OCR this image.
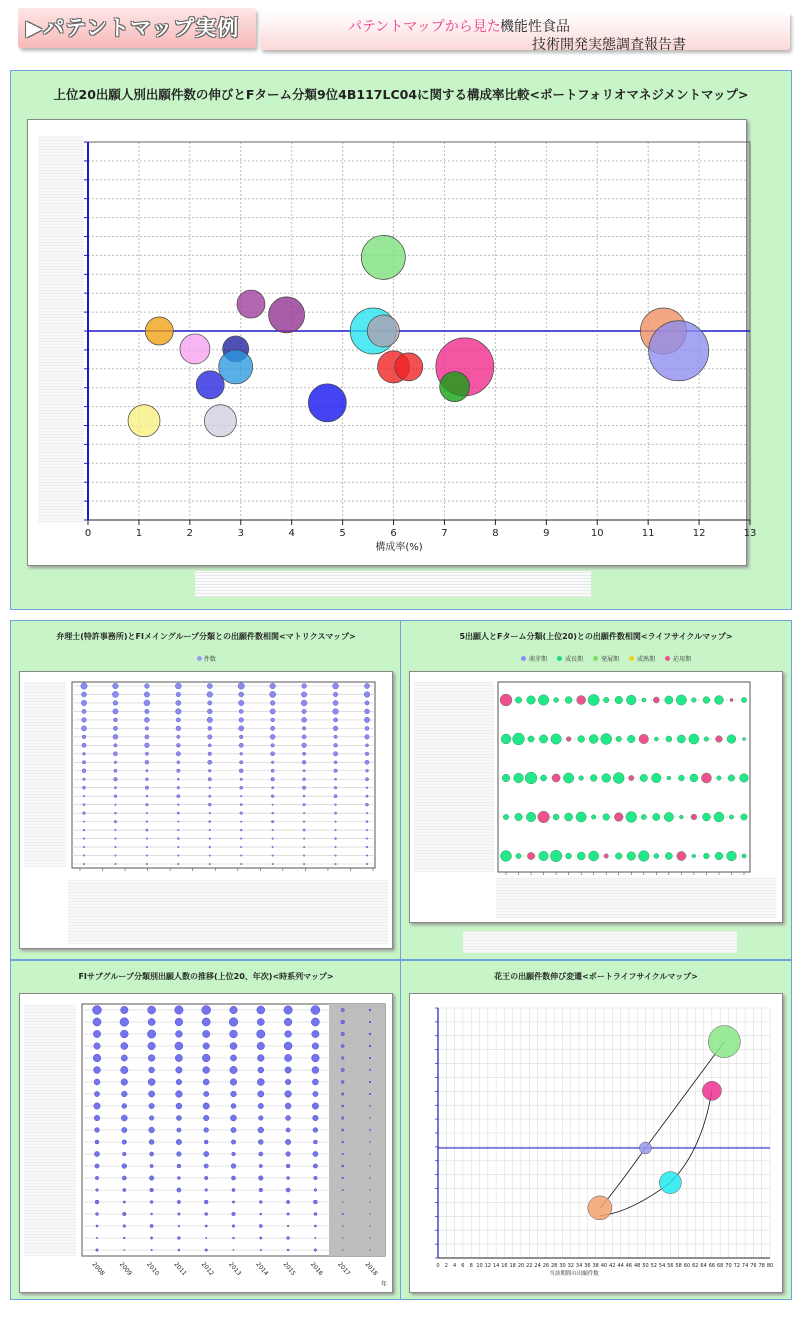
▶パテントマップ実例	パテントマップから見た 機能性食品
技術開発実態調査報告書
上位20出願人別出願件数の伸びとFターム分類9位4B117LC04に関する構成率比較<ポートフォリオマネジメントマップ>
0	1	2	3	4	5	6	7	8	9	10	11	12	13
構成率(%)
弁理士(特許事務所)とFIメイングループ分類との出願件数相関<マトリクスマップ>
件数
5出願人とFターム分類(上位20)との出願件数相関<ライフサイクルマップ>
萌芽期	成長期	発展期	成熟期	応用期
FIサブグループ分類別出願人数の推移(上位20、年次)<時系列マップ>
2008 2009 2010 2011 2012 2013 2014 2015 2016 2017 2018
年
花王の出願件数伸び変遷<ポートライフサイクルマップ>
0 2 4 6 8 10 12 14 16 18 20 22 24 26 28 30 32 34 36 38 40 42 44 46 48 50 52 54 56 58 60 62 64 66 68 70 72 74 76 78 80
当該期間の出願件数
